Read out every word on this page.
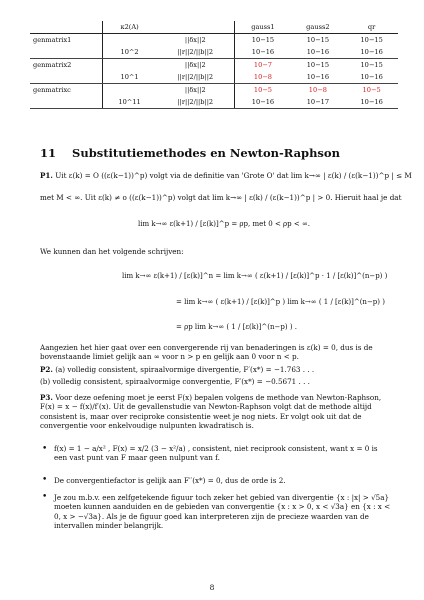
	κ2(A)		gauss1	gauss2	qr
genmatrix1		||δx||2	10−15	10−15	10−15
	10^2	||r||2/||b||2	10−16	10−16	10−16
genmatrix2		||δx||2	10−7	10−15	10−15
	10^1	||r||2/||b||2	10−8	10−16	10−16
genmatrixc		||δx||2	10−5	10−8	10−5
	10^11	||r||2/||b||2	10−16	10−17	10−16
11 Substitutiemethodes en Newton-Raphson
P1. Uit ε(k) = O ((ε(k−1))^p) volgt via de definitie van 'Grote O' dat lim k→∞ | ε(k) / (ε(k−1))^p | ≤ M
met M < ∞. Uit ε(k) ≠ o ((ε(k−1))^p) volgt dat lim k→∞ | ε(k) / (ε(k−1))^p | > 0. Hieruit haal je dat
lim k→∞ ε(k+1) / [ε(k)]^p = ρp, met 0 < ρp < ∞.
We kunnen dan het volgende schrijven:
lim k→∞ ε(k+1) / [ε(k)]^n = lim k→∞ ( ε(k+1) / [ε(k)]^p · 1 / [ε(k)]^(n−p) )
= lim k→∞ ( ε(k+1) / [ε(k)]^p ) lim k→∞ ( 1 / [ε(k)]^(n−p) )
= ρp lim k→∞ ( 1 / [ε(k)]^(n−p) ) .
Aangezien het hier gaat over een convergerende rij van benaderingen is ε(k) = 0, dus is de bovenstaande limiet gelijk aan ∞ voor n > p en gelijk aan 0 voor n < p.
P2. (a) volledig consistent, spiraalvormige divergentie, F′(x*) = −1.763 . . .
(b) volledig consistent, spiraalvormige convergentie, F′(x*) = −0.5671 . . .
P3. Voor deze oefening moet je eerst F(x) bepalen volgens de methode van Newton-Raphson, F(x) = x − f(x)/f′(x). Uit de gevallenstudie van Newton-Raphson volgt dat de methode altijd consistent is, maar over reciproke consistentie weet je nog niets. Er volgt ook uit dat de convergentie voor enkelvoudige nulpunten kwadratisch is.
• f(x) = 1 − a/x² , F(x) = x/2 (3 − x²/a) , consistent, niet reciprook consistent, want x = 0 is een vast punt van F maar geen nulpunt van f.
• De convergentiefactor is gelijk aan F′′(x*) = 0, dus de orde is 2.
• Je zou m.b.v. een zelfgetekende figuur toch zeker het gebied van divergentie {x : |x| > √5a} moeten kunnen aanduiden en de gebieden van convergentie {x : x > 0, x < √3a} en {x : x < 0, x > −√3a}. Als je de figuur goed kan interpreteren zijn de precieze waarden van de intervallen minder belangrijk.
8
